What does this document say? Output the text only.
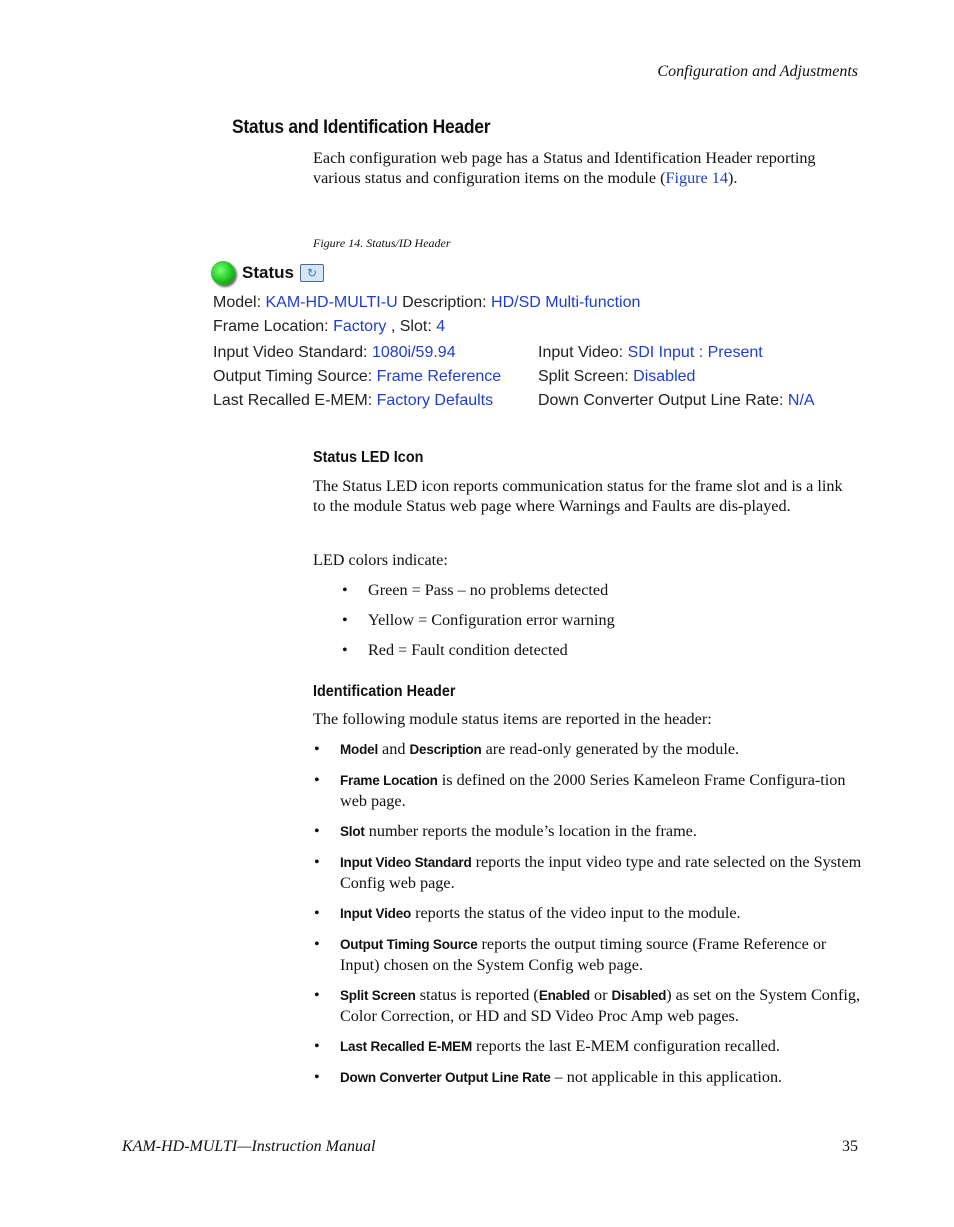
Configuration and Adjustments
Status and Identification Header
Each configuration web page has a Status and Identification Header reporting various status and configuration items on the module (Figure 14).
Figure 14. Status/ID Header
Status ↻
Model: KAM-HD-MULTI-U Description: HD/SD Multi-function
Frame Location: Factory , Slot: 4
Input Video Standard: 1080i/59.94	Input Video: SDI Input : Present
Output Timing Source: Frame Reference Split Screen: Disabled
Last Recalled E-MEM: Factory Defaults	Down Converter Output Line Rate: N/A
Status LED Icon
The Status LED icon reports communication status for the frame slot and is a link to the module Status web page where Warnings and Faults are dis-played.
LED colors indicate:
• Green = Pass – no problems detected
• Yellow = Configuration error warning
• Red = Fault condition detected
Identification Header
The following module status items are reported in the header:
• Model and Description are read-only generated by the module.
• Frame Location is defined on the 2000 Series Kameleon Frame Configura-tion web page.
• Slot number reports the module’s location in the frame.
• Input Video Standard reports the input video type and rate selected on the System Config web page.
• Input Video reports the status of the video input to the module.
• Output Timing Source reports the output timing source (Frame Reference or Input) chosen on the System Config web page.
• Split Screen status is reported (Enabled or Disabled) as set on the System Config, Color Correction, or HD and SD Video Proc Amp web pages.
• Last Recalled E-MEM reports the last E-MEM configuration recalled.
• Down Converter Output Line Rate – not applicable in this application.
KAM-HD-MULTI—Instruction Manual	35
